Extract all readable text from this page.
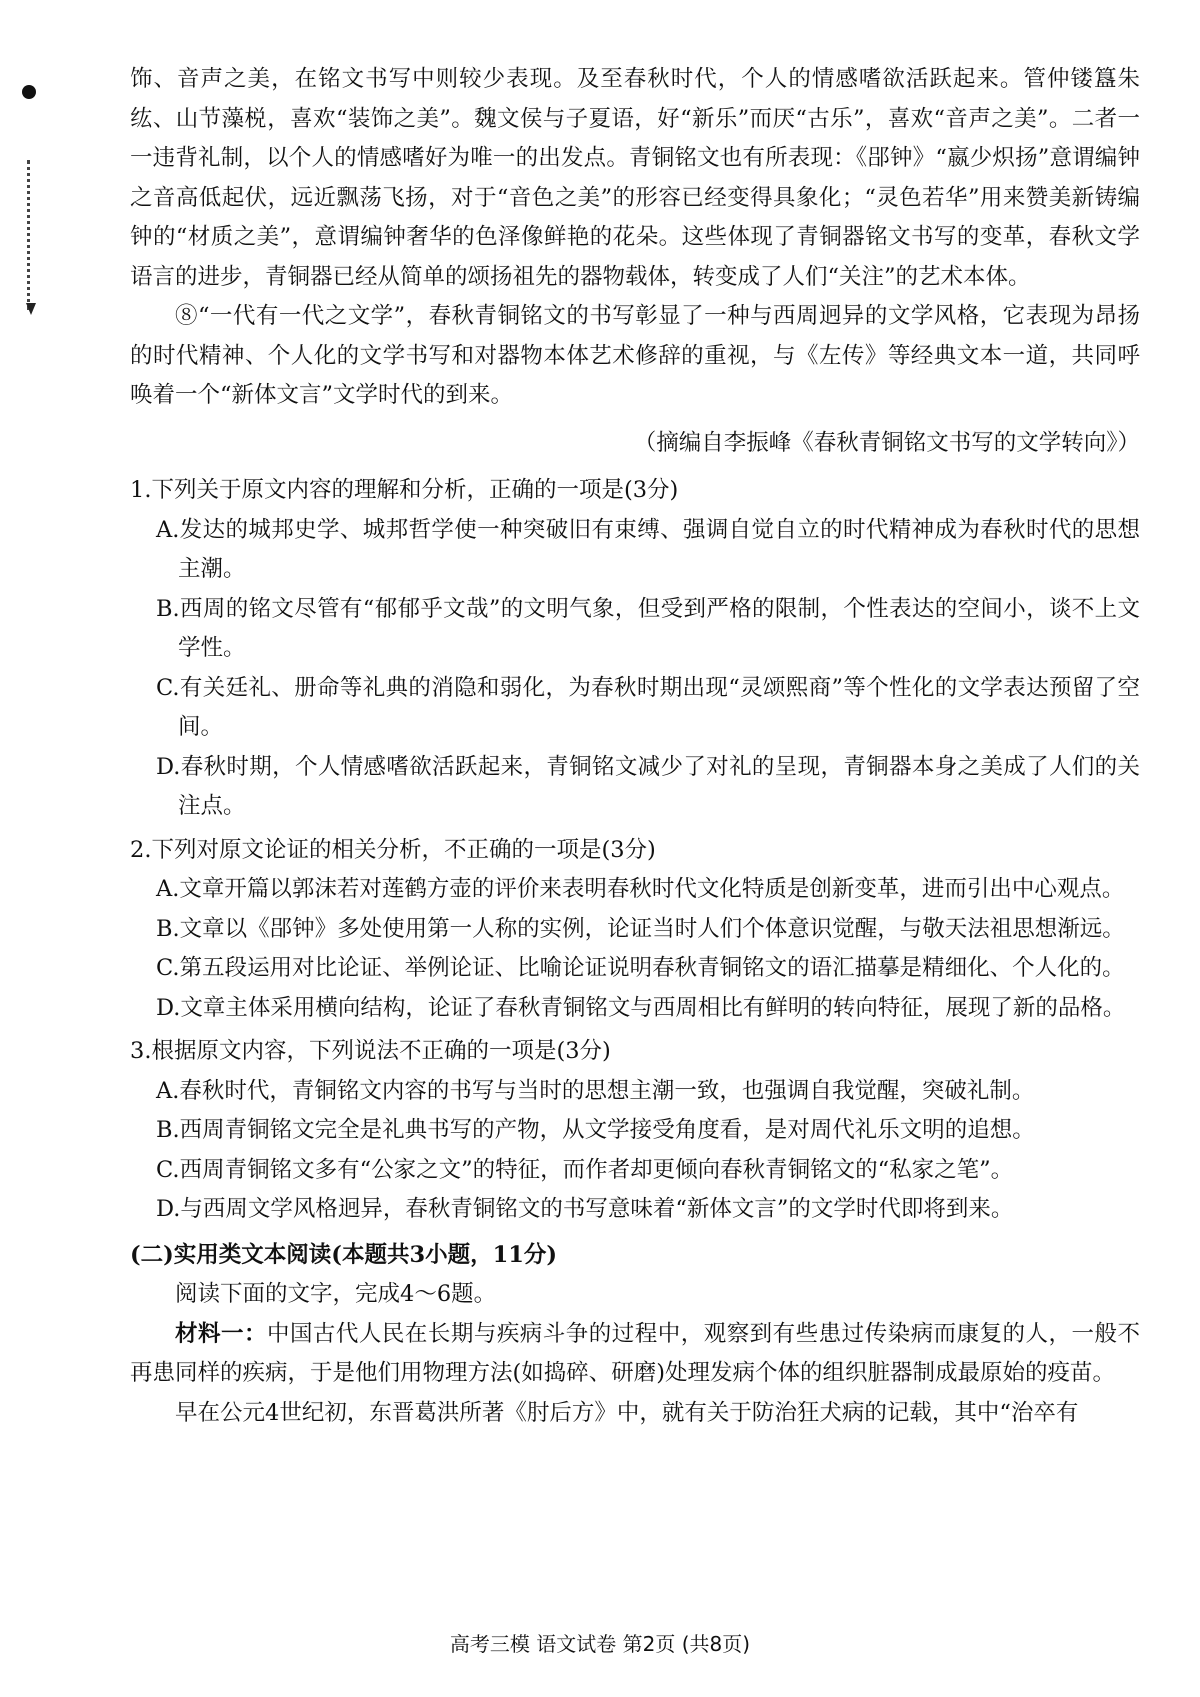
饰、音声之美，在铭文书写中则较少表现。及至春秋时代，个人的情感嗜欲活跃起来。管仲镂簋朱纮、山节藻棁，喜欢“装饰之美”。魏文侯与子夏语，好“新乐”而厌“古乐”，喜欢“音声之美”。二者一一违背礼制，以个人的情感嗜好为唯一的出发点。青铜铭文也有所表现：《郘钟》“嬴少炽扬”意谓编钟之音高低起伏，远近飘荡飞扬，对于“音色之美”的形容已经变得具象化；“灵色若华”用来赞美新铸编钟的“材质之美”，意谓编钟奢华的色泽像鲜艳的花朵。这些体现了青铜器铭文书写的变革，春秋文学语言的进步，青铜器已经从简单的颂扬祖先的器物载体，转变成了人们“关注”的艺术本体。

⑧“一代有一代之文学”，春秋青铜铭文的书写彰显了一种与西周迥异的文学风格，它表现为昂扬的时代精神、个人化的文学书写和对器物本体艺术修辞的重视，与《左传》等经典文本一道，共同呼唤着一个“新体文言”文学时代的到来。

（摘编自李振峰《春秋青铜铭文书写的文学转向》）

1.下列关于原文内容的理解和分析，正确的一项是(3分)

A.发达的城邦史学、城邦哲学使一种突破旧有束缚、强调自觉自立的时代精神成为春秋时代的思想主潮。

B.西周的铭文尽管有“郁郁乎文哉”的文明气象，但受到严格的限制，个性表达的空间小，谈不上文学性。

C.有关廷礼、册命等礼典的消隐和弱化，为春秋时期出现“灵颂熙商”等个性化的文学表达预留了空间。

D.春秋时期，个人情感嗜欲活跃起来，青铜铭文减少了对礼的呈现，青铜器本身之美成了人们的关注点。

2.下列对原文论证的相关分析，不正确的一项是(3分)

A.文章开篇以郭沫若对莲鹤方壶的评价来表明春秋时代文化特质是创新变革，进而引出中心观点。

B.文章以《郘钟》多处使用第一人称的实例，论证当时人们个体意识觉醒，与敬天法祖思想渐远。

C.第五段运用对比论证、举例论证、比喻论证说明春秋青铜铭文的语汇描摹是精细化、个人化的。

D.文章主体采用横向结构，论证了春秋青铜铭文与西周相比有鲜明的转向特征，展现了新的品格。

3.根据原文内容，下列说法不正确的一项是(3分)

A.春秋时代，青铜铭文内容的书写与当时的思想主潮一致，也强调自我觉醒，突破礼制。

B.西周青铜铭文完全是礼典书写的产物，从文学接受角度看，是对周代礼乐文明的追想。

C.西周青铜铭文多有“公家之文”的特征，而作者却更倾向春秋青铜铭文的“私家之笔”。

D.与西周文学风格迥异，春秋青铜铭文的书写意味着“新体文言”的文学时代即将到来。

(二)实用类文本阅读(本题共3小题，11分)

阅读下面的文字，完成4～6题。

材料一：中国古代人民在长期与疾病斗争的过程中，观察到有些患过传染病而康复的人，一般不再患同样的疾病，于是他们用物理方法(如捣碎、研磨)处理发病个体的组织脏器制成最原始的疫苗。

早在公元4世纪初，东晋葛洪所著《肘后方》中，就有关于防治狂犬病的记载，其中“治卒有

高考三模 语文试卷 第2页 (共8页)
